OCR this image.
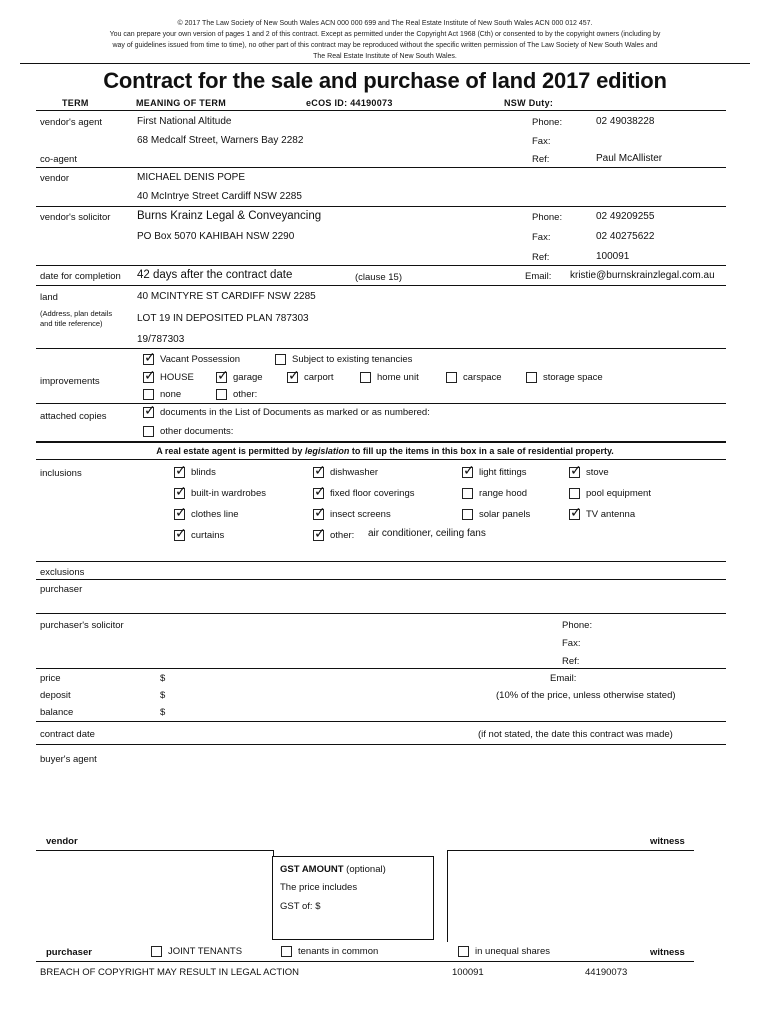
© 2017 The Law Society of New South Wales ACN 000 000 699 and The Real Estate Institute of New South Wales ACN 000 012 457.
You can prepare your own version of pages 1 and 2 of this contract. Except as permitted under the Copyright Act 1968 (Cth) or consented to by the copyright owners (including by
way of guidelines issued from time to time), no other part of this contract may be reproduced without the specific written permission of The Law Society of New South Wales and
The Real Estate Institute of New South Wales.
Contract for the sale and purchase of land 2017 edition
TERM	MEANING OF TERM	eCOS ID: 44190073	NSW Duty:
vendor's agent	First National Altitude	Phone:	02 49038228
68 Medcalf Street, Warners Bay 2282	Fax:
co-agent	Ref:	Paul McAllister
vendor	MICHAEL DENIS POPE
40 McIntrye Street Cardiff NSW 2285
vendor's solicitor Burns Krainz Legal & Conveyancing	Phone:	02 49209255
PO Box 5070 KAHIBAH NSW 2290	Fax:	02 40275622
Ref:	100091
date for completion 42 days after the contract date	(clause 15)	Email: kristie@burnskrainzlegal.com.au
land	40 MCINTYRE ST CARDIFF NSW 2285
(Address, plan details
and title reference)	LOT 19 IN DEPOSITED PLAN 787303
19/787303
✓
Vacant Possession	Subject to existing tenancies
improvements ✓	HOUSE ✓	garage ✓	carport	home unit	carspace	storage space
none	other:
attached copies ✓	documents in the List of Documents as marked or as numbered:
other documents:
A real estate agent is permitted by legislation to fill up the items in this box in a sale of residential property.
inclusions ✓	blinds ✓	dishwasher ✓	light fittings ✓	stove
✓
built-in wardrobes ✓	fixed floor coverings	range hood	pool equipment
✓
clothes line ✓	insect screens	solar panels ✓	TV antenna
✓
curtains ✓	other: air conditioner, ceiling fans
exclusions
purchaser
purchaser's solicitor	Phone:
Fax:
Ref:
price	$	Email:
deposit	$	(10% of the price, unless otherwise stated)
balance	$
contract date	(if not stated, the date this contract was made)
buyer's agent
vendor	witness
GST AMOUNT (optional)
The price includes
GST of: $
purchaser	JOINT TENANTS	tenants in common	in unequal shares	witness
BREACH OF COPYRIGHT MAY RESULT IN LEGAL ACTION	100091	44190073
